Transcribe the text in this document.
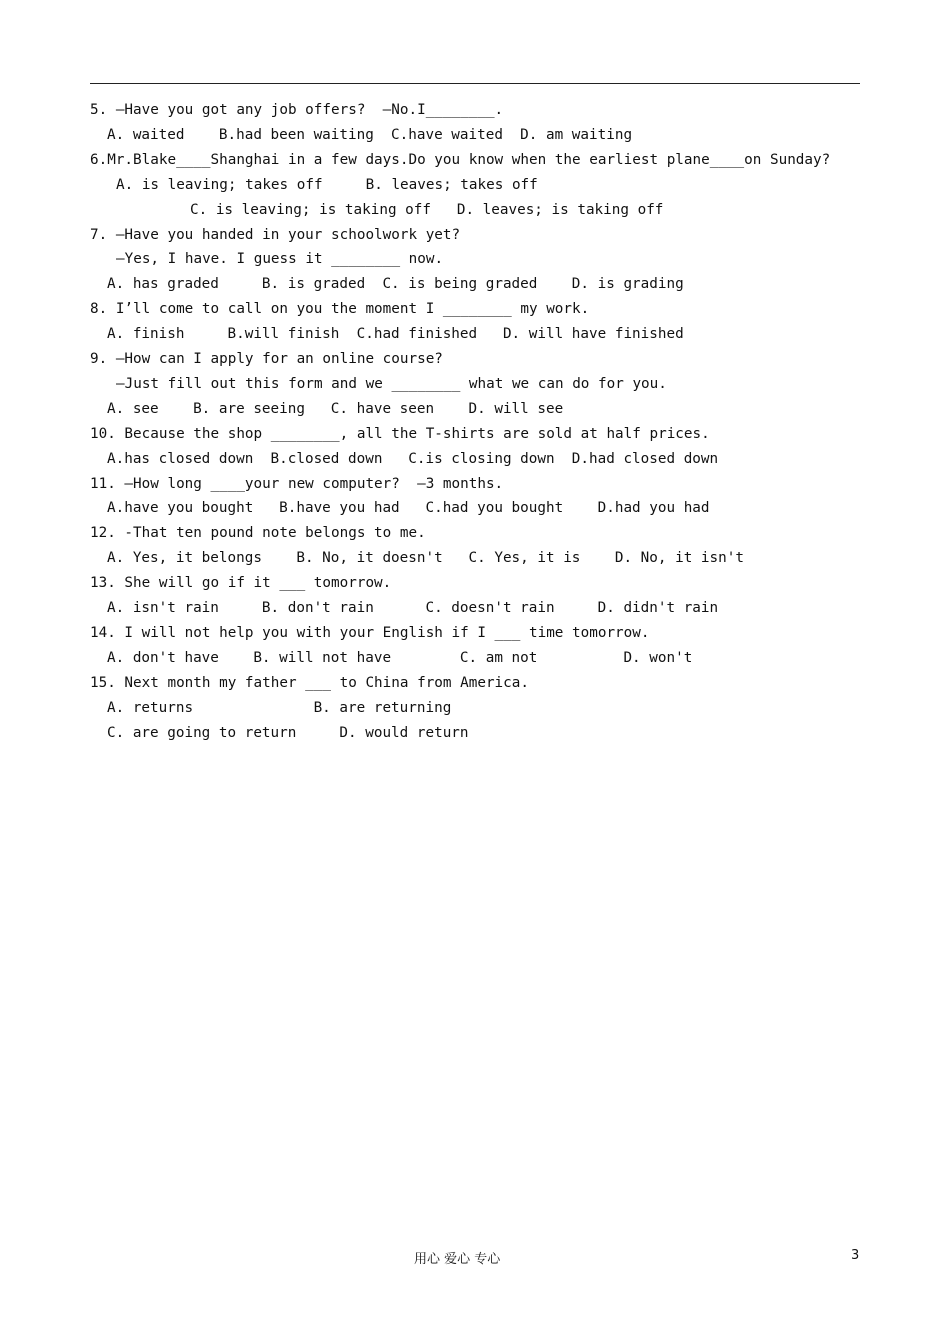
5. —Have you got any job offers?  —No.I________.
A. waited    B.had been waiting  C.have waited  D. am waiting
6.Mr.Blake____Shanghai in a few days.Do you know when the earliest plane____on Sunday?
A. is leaving; takes off     B. leaves; takes off
C. is leaving; is taking off   D. leaves; is taking off
7. —Have you handed in your schoolwork yet?
—Yes, I have. I guess it ________ now.
A. has graded     B. is graded  C. is being graded    D. is grading
8. I’ll come to call on you the moment I ________ my work.
A. finish     B.will finish  C.had finished   D. will have finished
9. —How can I apply for an online course?
—Just fill out this form and we ________ what we can do for you.
A. see    B. are seeing   C. have seen    D. will see
10. Because the shop ________, all the T-shirts are sold at half prices.
A.has closed down  B.closed down   C.is closing down  D.had closed down
11. —How long ____your new computer?  —3 months.
A.have you bought   B.have you had   C.had you bought    D.had you had
12. -That ten pound note belongs to me.
A. Yes, it belongs    B. No, it doesn't   C. Yes, it is    D. No, it isn't
13. She will go if it ___ tomorrow.
A. isn't rain     B. don't rain      C. doesn't rain     D. didn't rain
14. I will not help you with your English if I ___ time tomorrow.
A. don't have    B. will not have        C. am not          D. won't
15. Next month my father ___ to China from America.
A. returns              B. are returning
C. are going to return     D. would return
用心 爱心 专心	3
